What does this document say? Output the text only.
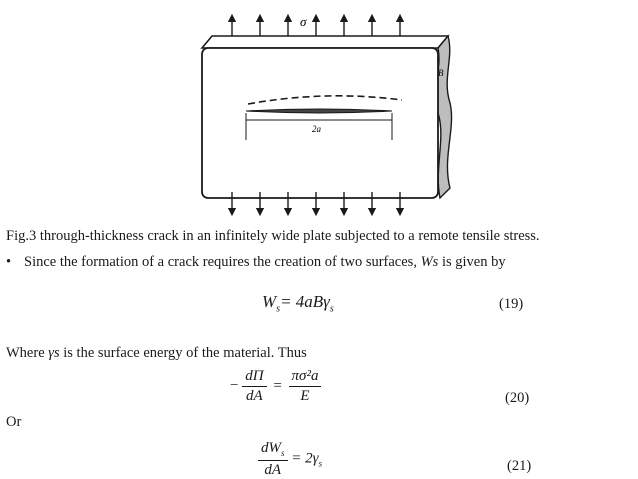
σ
B
2a
Fig.3 through-thickness crack in an infinitely wide plate subjected to a remote tensile stress.
• Since the formation of a crack requires the creation of two surfaces, Ws is given by
$W_s= 4aB\gamma_s$	(19)
Where γs is the surface energy of the material. Thus
− $\frac{d\Pi}{dA} = \frac{\text{πσ²a}}{E}$	(20)
Or
$\frac{dW_s}{dA} = 2\gamma_s$	(21)
